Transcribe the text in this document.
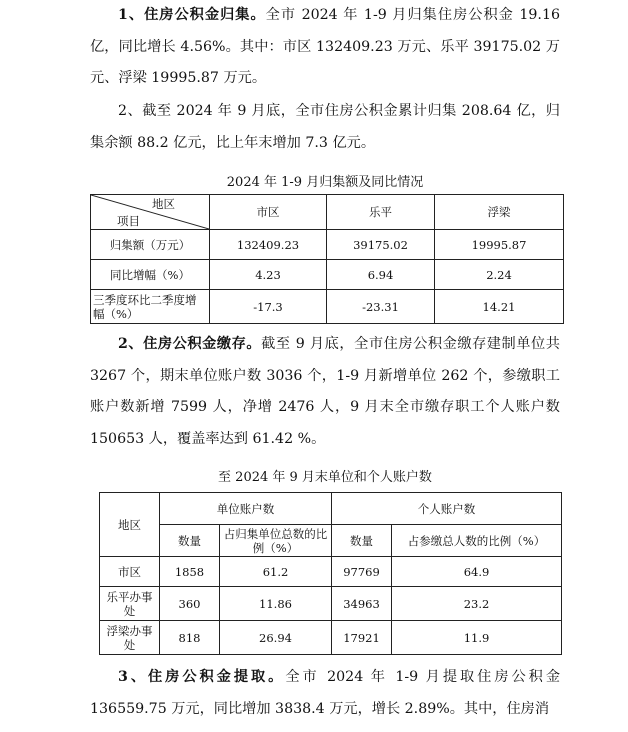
1、住房公积金归集。全市 2024 年 1-9 月归集住房公积金 19.16 亿，同比增长 4.56%。其中：市区 132409.23 万元、乐平 39175.02 万元、浮梁 19995.87 万元。

2、截至 2024 年 9 月底，全市住房公积金累计归集 208.64 亿，归集余额 88.2 亿元，比上年末增加 7.3 亿元。

2024 年 1-9 月归集额及同比情况

地区
项目	市区	乐平	浮梁
归集额（万元）	132409.23	39175.02	19995.87
同比增幅（%）	4.23	6.94	2.24
三季度环比二季度增幅（%）	-17.3	-23.31	14.21

2、住房公积金缴存。截至 9 月底，全市住房公积金缴存建制单位共 3267 个，期末单位账户数 3036 个，1-9 月新增单位 262 个，参缴职工账户数新增 7599 人，净增 2476 人，9 月末全市缴存职工个人账户数 150653 人，覆盖率达到 61.42 %。

至 2024 年 9 月末单位和个人账户数

地区	单位账户数		个人账户数	
	数量	占归集单位总数的比例（%）	数量	占参缴总人数的比例（%）
市区	1858	61.2	97769	64.9
乐平办事处	360	11.86	34963	23.2
浮梁办事处	818	26.94	17921	11.9

3、住房公积金提取。全市 2024 年 1-9 月提取住房公积金 136559.75 万元，同比增加 3838.4 万元，增长 2.89%。其中，住房消
